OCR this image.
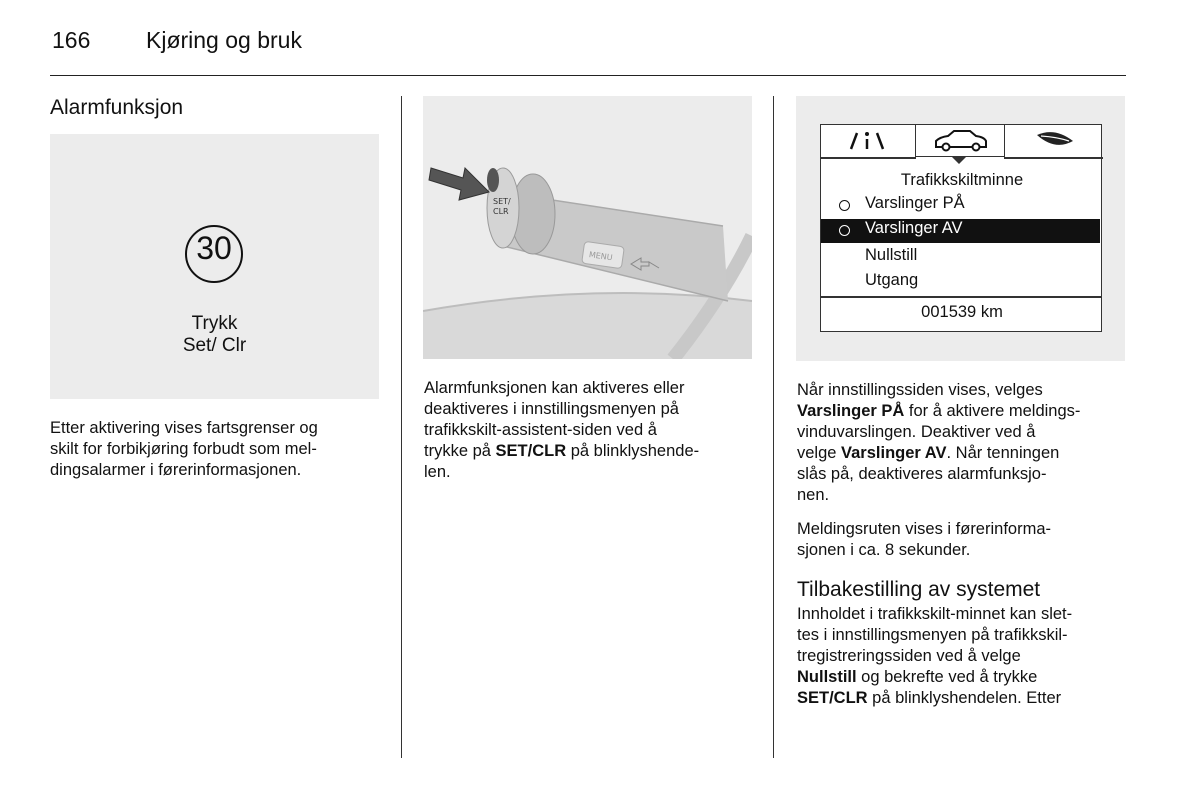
166 Kjøring og bruk
Alarmfunksjon
30
Trykk
Set/ Clr
Etter aktivering vises fartsgrenser og
skilt for forbikjøring forbudt som mel-
dingsalarmer i førerinformasjonen.
SET/
CLR
MENU
Alarmfunksjonen kan aktiveres eller
deaktiveres i innstillingsmenyen på
trafikkskilt-assistent-siden ved å
trykke på SET/CLR på blinklyshende-
len.
Trafikkskiltminne
Varslinger PÅ
Varslinger AV
Nullstill
Utgang
001539 km
Når innstillingssiden vises, velges
Varslinger PÅ for å aktivere meldings-
vinduvarslingen. Deaktiver ved å
velge Varslinger AV. Når tenningen
slås på, deaktiveres alarmfunksjo-
nen.
Meldingsruten vises i førerinforma-
sjonen i ca. 8 sekunder.
Tilbakestilling av systemet
Innholdet i trafikkskilt-minnet kan slet-
tes i innstillingsmenyen på trafikkskil-
tregistreringssiden ved å velge
Nullstill og bekrefte ved å trykke
SET/CLR på blinklyshendelen. Etter
